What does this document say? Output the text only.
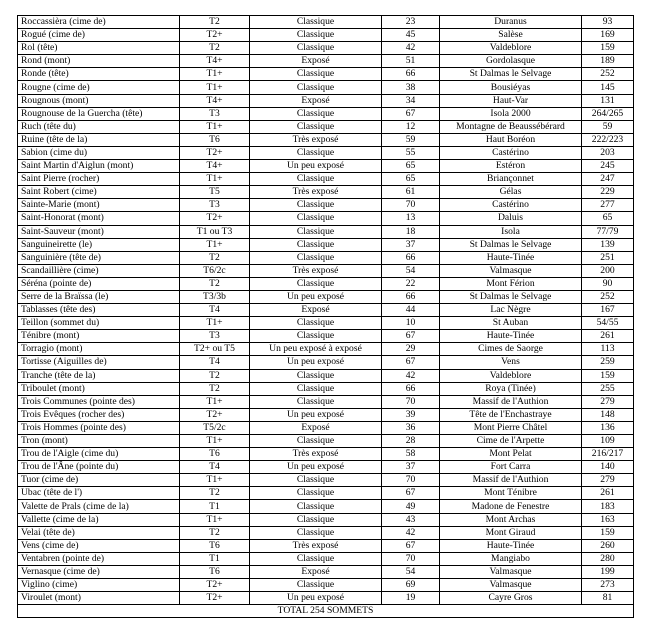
Roccassièra (cime de)	T2	Classique	23	Duranus	93
Rogué (cime de)	T2+	Classique	45	Salèse	169
Rol (tête)	T2	Classique	42	Valdeblore	159
Rond (mont)	T4+	Exposé	51	Gordolasque	189
Ronde (tête)	T1+	Classique	66	St Dalmas le Selvage	252
Rougne (cime de)	T1+	Classique	38	Bousiéyas	145
Rougnous (mont)	T4+	Exposé	34	Haut-Var	131
Rougnouse de la Guercha (tête)	T3	Classique	67	Isola 2000	264/265
Ruch (tête du)	T1+	Classique	12	Montagne de Beaussébérard	59
Ruine (tête de la)	T6	Très exposé	59	Haut Boréon	222/223
Sabion (cime du)	T2+	Classique	55	Castérino	203
Saint Martin d'Aiglun (mont)	T4+	Un peu exposé	65	Estéron	245
Saint Pierre (rocher)	T1+	Classique	65	Briançonnet	247
Saint Robert (cime)	T5	Très exposé	61	Gélas	229
Sainte-Marie (mont)	T3	Classique	70	Castérino	277
Saint-Honorat (mont)	T2+	Classique	13	Daluis	65
Saint-Sauveur (mont)	T1 ou T3	Classique	18	Isola	77/79
Sanguineirette (le)	T1+	Classique	37	St Dalmas le Selvage	139
Sanguinière (tête de)	T2	Classique	66	Haute-Tinée	251
Scandaillière (cime)	T6/2c	Très exposé	54	Valmasque	200
Séréna (pointe de)	T2	Classique	22	Mont Férion	90
Serre de la Braïssa (le)	T3/3b	Un peu exposé	66	St Dalmas le Selvage	252
Tablasses (tête des)	T4	Exposé	44	Lac Nègre	167
Teillon (sommet du)	T1+	Classique	10	St Auban	54/55
Ténibre (mont)	T3	Classique	67	Haute-Tinée	261
Torragio (mont)	T2+ ou T5	Un peu exposé à exposé	29	Cimes de Saorge	113
Tortisse (Aiguilles de)	T4	Un peu exposé	67	Vens	259
Tranche (tête de la)	T2	Classique	42	Valdeblore	159
Triboulet (mont)	T2	Classique	66	Roya (Tinée)	255
Trois Communes (pointe des)	T1+	Classique	70	Massif de l'Authion	279
Trois Evêques (rocher des)	T2+	Un peu exposé	39	Tête de l'Enchastraye	148
Trois Hommes (pointe des)	T5/2c	Exposé	36	Mont Pierre Châtel	136
Tron (mont)	T1+	Classique	28	Cime de l'Arpette	109
Trou de l'Aigle (cime du)	T6	Très exposé	58	Mont Pelat	216/217
Trou de l'Âne (pointe du)	T4	Un peu exposé	37	Fort Carra	140
Tuor (cime de)	T1+	Classique	70	Massif de l'Authion	279
Ubac (tête de l')	T2	Classique	67	Mont Ténibre	261
Valette de Prals (cime de la)	T1	Classique	49	Madone de Fenestre	183
Vallette (cime de la)	T1+	Classique	43	Mont Archas	163
Velai (tête de)	T2	Classique	42	Mont Giraud	159
Vens (cime de)	T6	Très exposé	67	Haute-Tinée	260
Ventabren (pointe de)	T1	Classique	70	Mangiabo	280
Vernasque (cime de)	T6	Exposé	54	Valmasque	199
Viglino (cime)	T2+	Classique	69	Valmasque	273
Viroulet (mont)	T2+	Un peu exposé	19	Cayre Gros	81
TOTAL 254 SOMMETS					
